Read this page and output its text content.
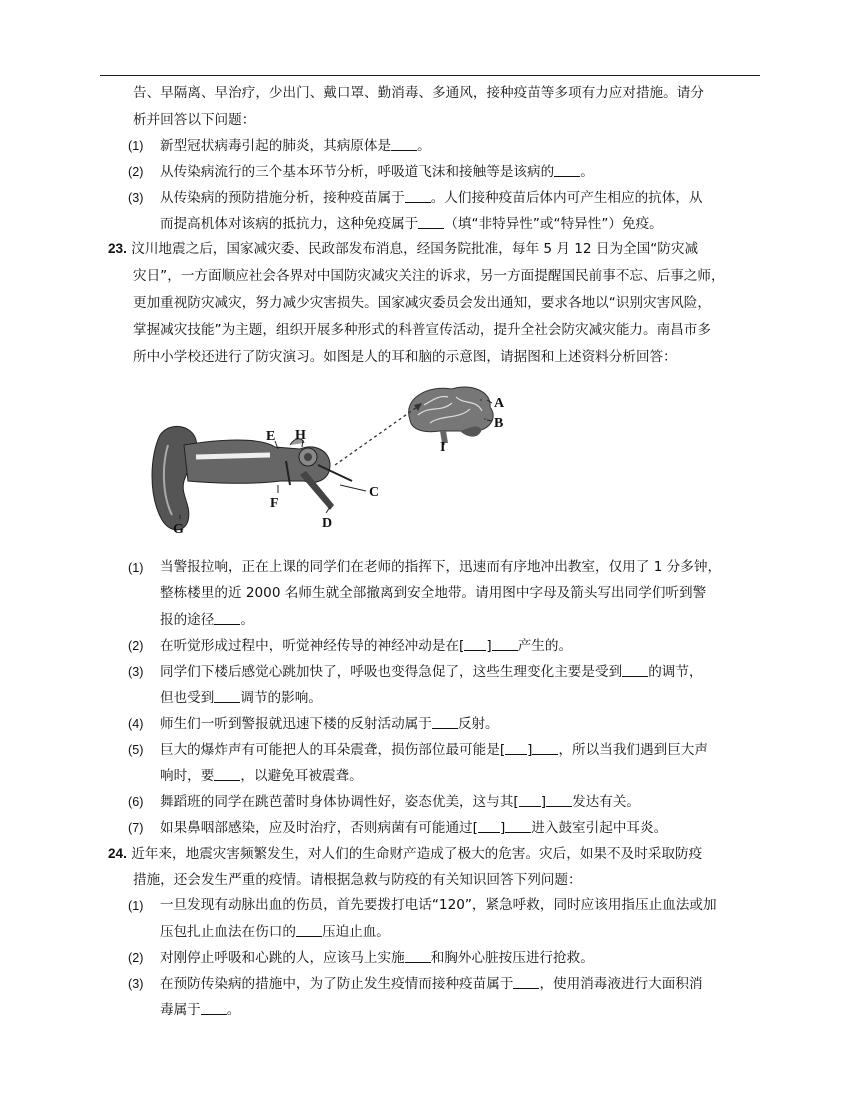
告、早隔离、早治疗，少出门、戴口罩、勤消毒、多通风，接种疫苗等多项有力应对措施。请分
析并回答以下问题：
(1) 新型冠状病毒引起的肺炎，其病原体是 。
(2) 从传染病流行的三个基本环节分析，呼吸道飞沫和接触等是该病的 。
(3) 从传染病的预防措施分析，接种疫苗属于 。人们接种疫苗后体内可产生相应的抗体，从
而提高机体对该病的抵抗力，这种免疫属于 （填“非特异性”或“特异性”）免疫。
23. 汶川地震之后，国家减灾委、民政部发布消息，经国务院批准，每年 5 月 12 日为全国“防灾减
灾日”，一方面顺应社会各界对中国防灾减灾关注的诉求，另一方面提醒国民前事不忘、后事之师，
更加重视防灾减灾，努力减少灾害损失。国家减灾委员会发出通知，要求各地以“识别灾害风险，
掌握减灾技能”为主题，组织开展多种形式的科普宣传活动，提升全社会防灾减灾能力。南昌市多
所中小学校还进行了防灾演习。如图是人的耳和脑的示意图，请据图和上述资料分析回答：
A
B
I
E H
C
F
G	D
(1) 当警报拉响，正在上课的同学们在老师的指挥下，迅速而有序地冲出教室，仅用了 1 分多钟，
整栋楼里的近 2000 名师生就全部撤离到安全地带。请用图中字母及箭头写出同学们听到警
报的途径 。
(2) 在听觉形成过程中，听觉神经传导的神经冲动是在[ ] 产生的。
(3) 同学们下楼后感觉心跳加快了，呼吸也变得急促了，这些生理变化主要是受到 的调节，
但也受到 调节的影响。
(4) 师生们一听到警报就迅速下楼的反射活动属于 反射。
(5) 巨大的爆炸声有可能把人的耳朵震聋，损伤部位最可能是[ ] ，所以当我们遇到巨大声
响时，要 ，以避免耳被震聋。
(6) 舞蹈班的同学在跳芭蕾时身体协调性好，姿态优美，这与其[ ] 发达有关。
(7) 如果鼻咽部感染，应及时治疗，否则病菌有可能通过[ ] 进入鼓室引起中耳炎。
24. 近年来，地震灾害频繁发生，对人们的生命财产造成了极大的危害。灾后，如果不及时采取防疫
措施，还会发生严重的疫情。请根据急救与防疫的有关知识回答下列问题：
(1) 一旦发现有动脉出血的伤员，首先要拨打电话“120”，紧急呼救，同时应该用指压止血法或加
压包扎止血法在伤口的 压迫止血。
(2) 对刚停止呼吸和心跳的人，应该马上实施 和胸外心脏按压进行抢救。
(3) 在预防传染病的措施中，为了防止发生疫情而接种疫苗属于 ，使用消毒液进行大面积消
毒属于 。
